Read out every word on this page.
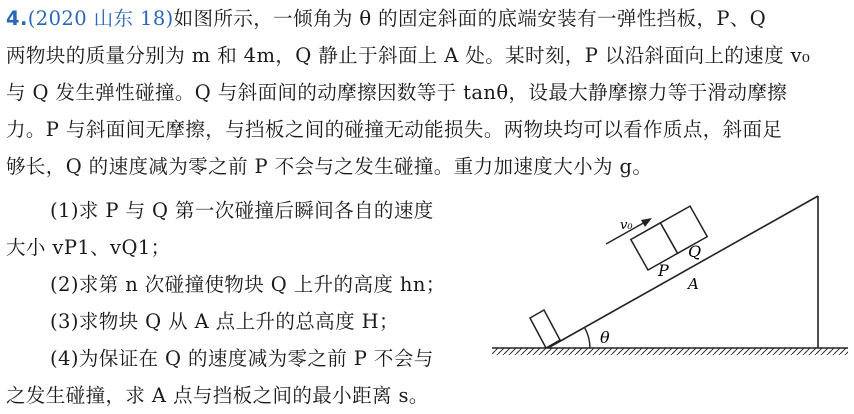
4.(2020 山东 18)如图所示，一倾角为 θ 的固定斜面的底端安装有一弹性挡板，P、Q
两物块的质量分别为 m 和 4m，Q 静止于斜面上 A 处。某时刻，P 以沿斜面向上的速度 v₀
与 Q 发生弹性碰撞。Q 与斜面间的动摩擦因数等于 tanθ，设最大静摩擦力等于滑动摩擦
力。P 与斜面间无摩擦，与挡板之间的碰撞无动能损失。两物块均可以看作质点，斜面足
够长，Q 的速度减为零之前 P 不会与之发生碰撞。重力加速度大小为 g。
(1)求 P 与 Q 第一次碰撞后瞬间各自的速度
大小 vP1、vQ1；
(2)求第 n 次碰撞使物块 Q 上升的高度 hn；
(3)求物块 Q 从 A 点上升的总高度 H；
(4)为保证在 Q 的速度减为零之前 P 不会与
之发生碰撞，求 A 点与挡板之间的最小距离 s。
θ
P
Q
A
v₀
